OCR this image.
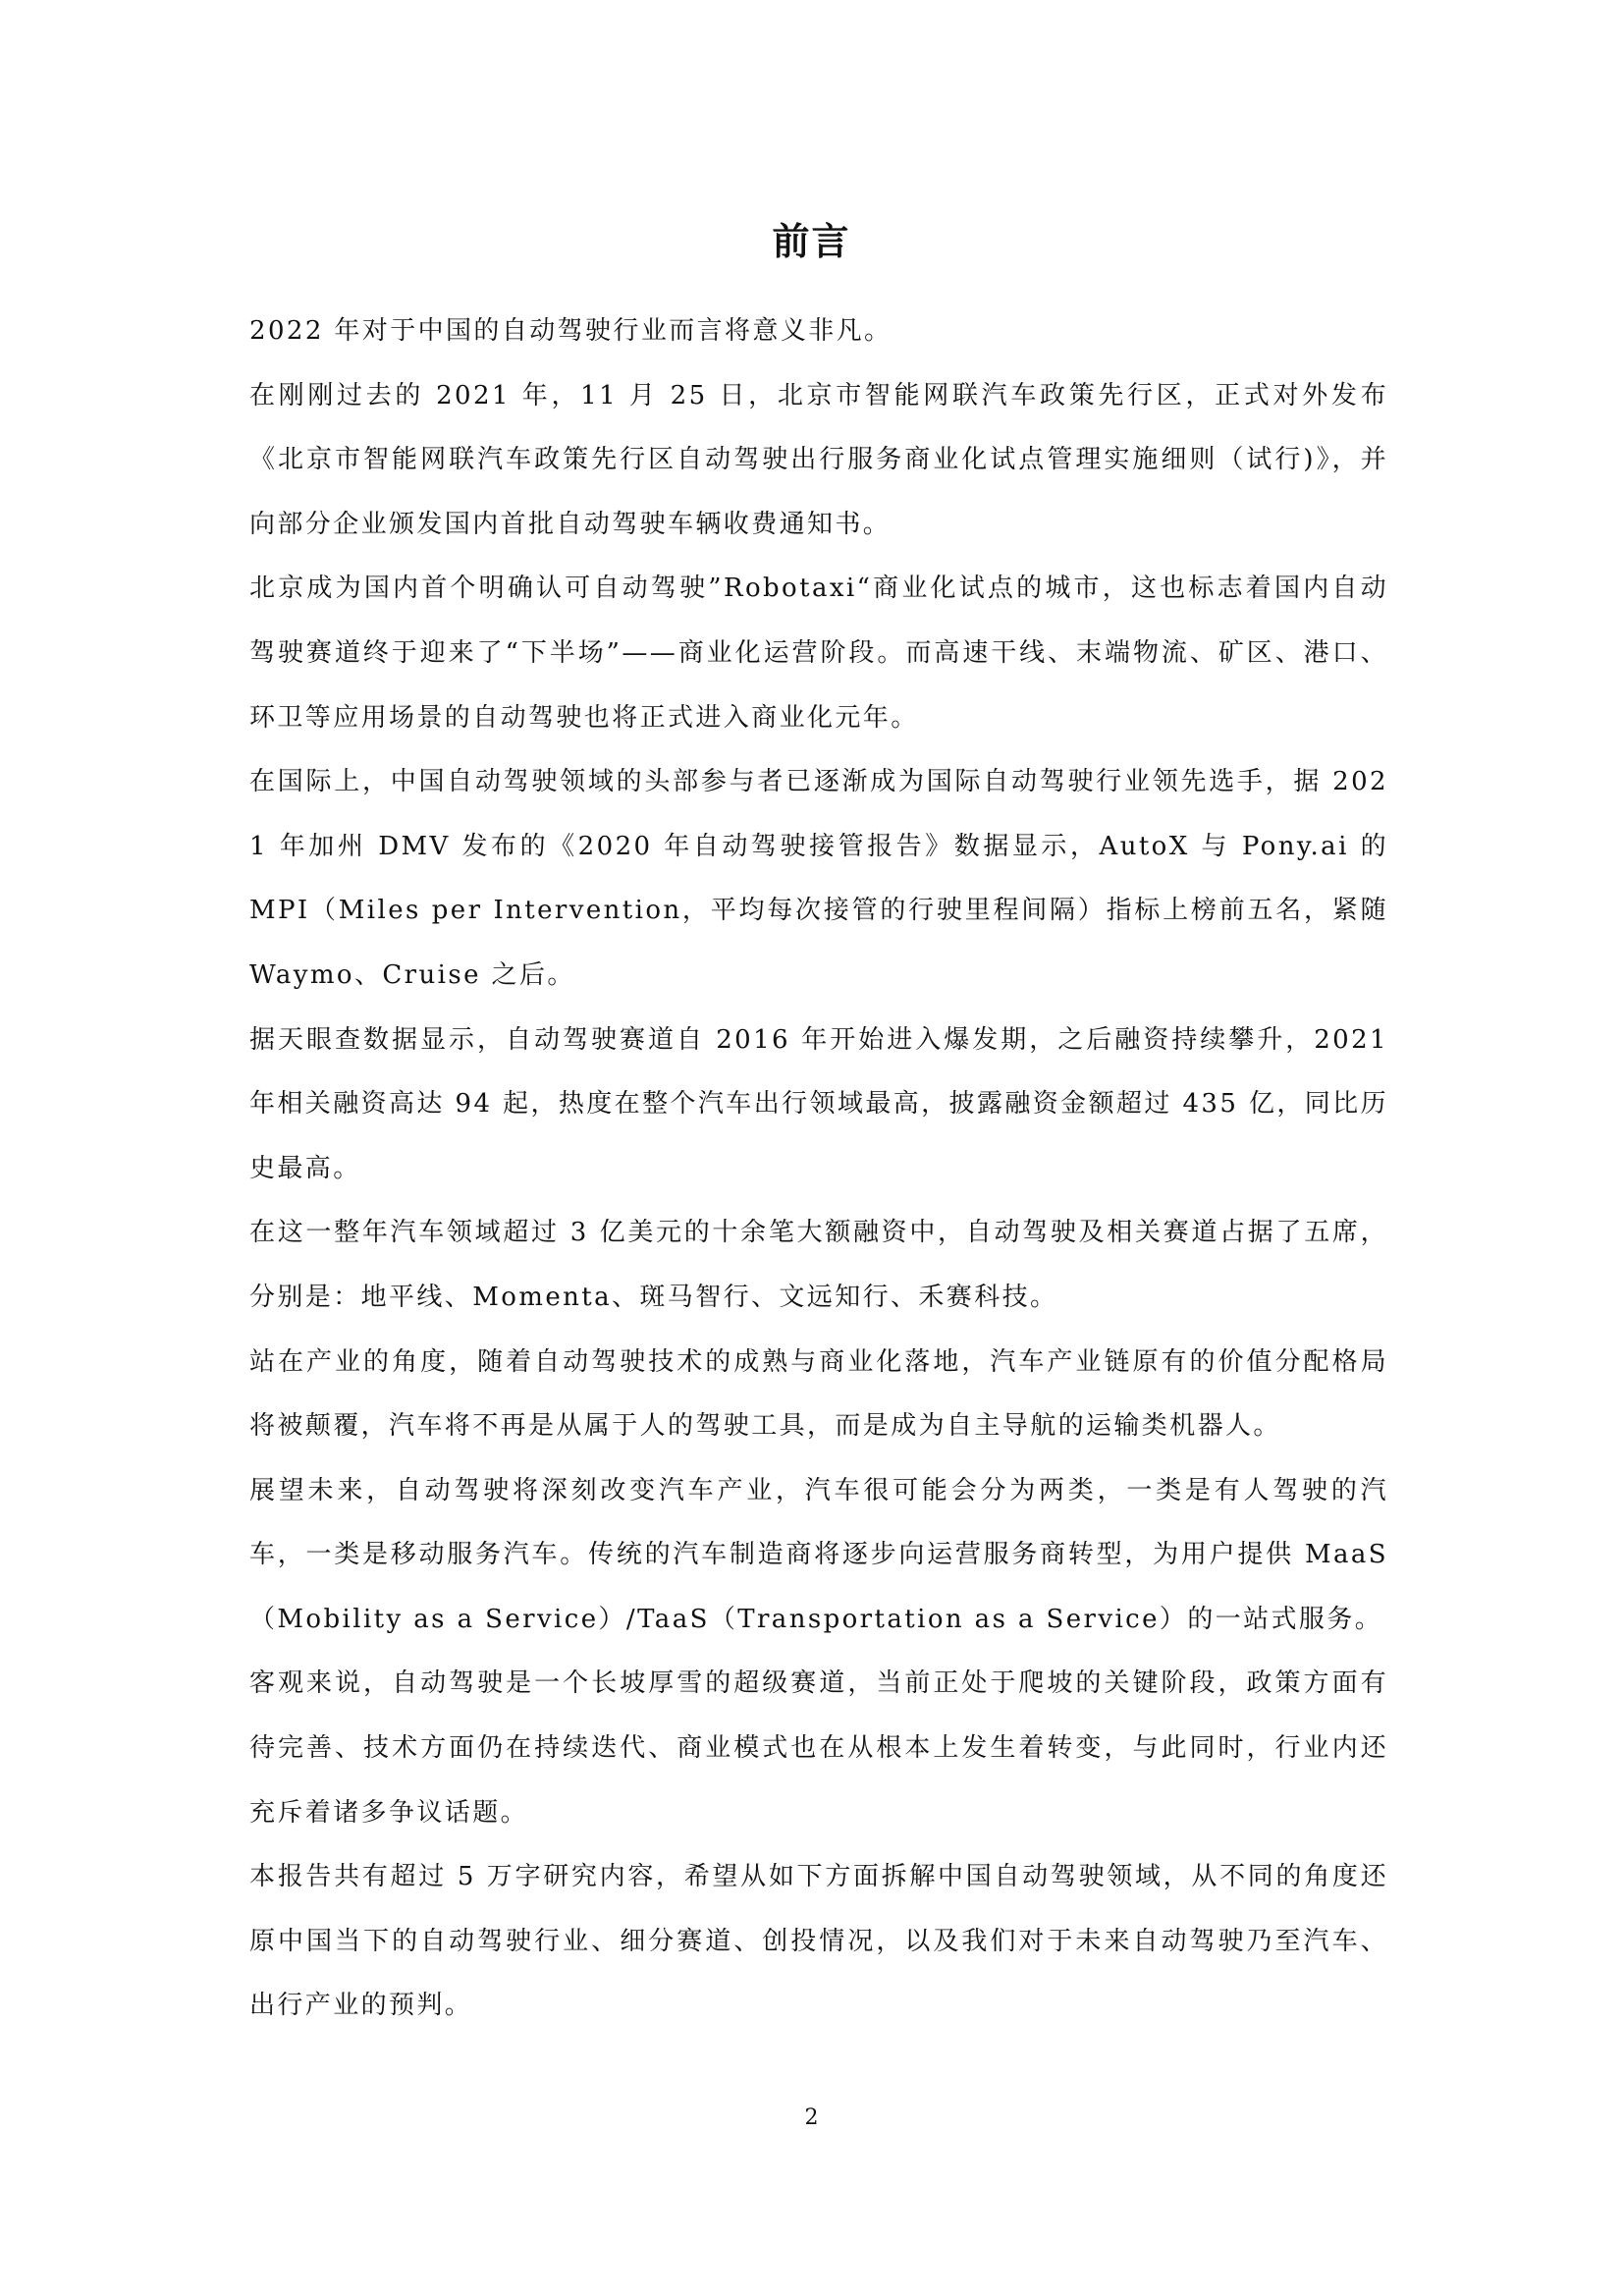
前言

2022 年对于中国的自动驾驶行业而言将意义非凡。

在刚刚过去的 2021 年，11 月 25 日，北京市智能网联汽车政策先行区，正式对外发布《北京市智能网联汽车政策先行区自动驾驶出行服务商业化试点管理实施细则（试行)》，并向部分企业颁发国内首批自动驾驶车辆收费通知书。

北京成为国内首个明确认可自动驾驶”Robotaxi“商业化试点的城市，这也标志着国内自动驾驶赛道终于迎来了“下半场”——商业化运营阶段。而高速干线、末端物流、矿区、港口、环卫等应用场景的自动驾驶也将正式进入商业化元年。

在国际上，中国自动驾驶领域的头部参与者已逐渐成为国际自动驾驶行业领先选手，据 2021 年加州 DMV 发布的《2020 年自动驾驶接管报告》数据显示，AutoX 与 Pony.ai 的 MPI（Miles per Intervention，平均每次接管的行驶里程间隔）指标上榜前五名，紧随 Waymo、Cruise 之后。

据天眼查数据显示，自动驾驶赛道自 2016 年开始进入爆发期，之后融资持续攀升，2021 年相关融资高达 94 起，热度在整个汽车出行领域最高，披露融资金额超过 435 亿，同比历史最高。

在这一整年汽车领域超过 3 亿美元的十余笔大额融资中，自动驾驶及相关赛道占据了五席，分别是：地平线、Momenta、斑马智行、文远知行、禾赛科技。

站在产业的角度，随着自动驾驶技术的成熟与商业化落地，汽车产业链原有的价值分配格局将被颠覆，汽车将不再是从属于人的驾驶工具，而是成为自主导航的运输类机器人。

展望未来，自动驾驶将深刻改变汽车产业，汽车很可能会分为两类，一类是有人驾驶的汽车，一类是移动服务汽车。传统的汽车制造商将逐步向运营服务商转型，为用户提供 MaaS（Mobility as a Service）/TaaS（Transportation as a Service）的一站式服务。

客观来说，自动驾驶是一个长坡厚雪的超级赛道，当前正处于爬坡的关键阶段，政策方面有待完善、技术方面仍在持续迭代、商业模式也在从根本上发生着转变，与此同时，行业内还充斥着诸多争议话题。

本报告共有超过 5 万字研究内容，希望从如下方面拆解中国自动驾驶领域，从不同的角度还原中国当下的自动驾驶行业、细分赛道、创投情况，以及我们对于未来自动驾驶乃至汽车、出行产业的预判。

2
